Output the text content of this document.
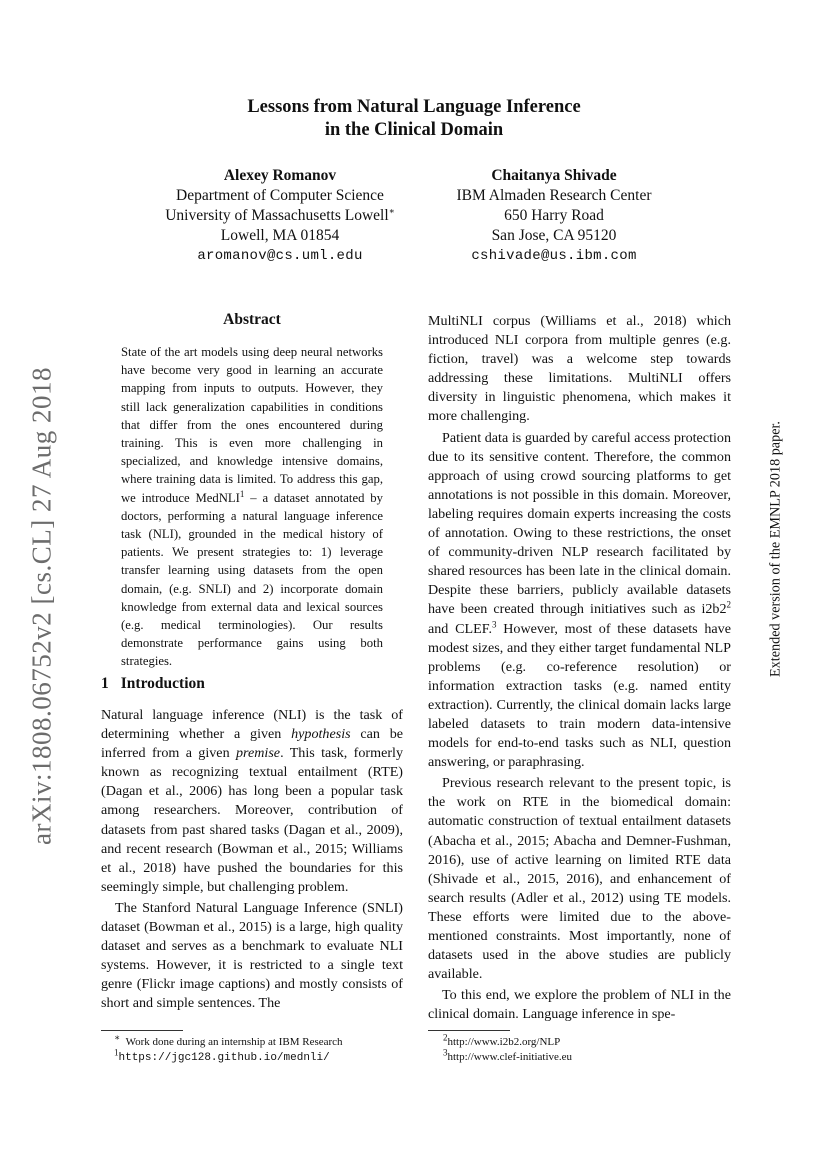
arXiv:1808.06752v2 [cs.CL] 27 Aug 2018	Extended version of the EMNLP 2018 paper.
Lessons from Natural Language Inference
in the Clinical Domain
Alexey Romanov
Department of Computer Science
University of Massachusetts Lowell∗
Lowell, MA 01854
aromanov@cs.uml.edu
Chaitanya Shivade
IBM Almaden Research Center
650 Harry Road
San Jose, CA 95120
cshivade@us.ibm.com
Abstract
State of the art models using deep neural networks have become very good in learning an accurate mapping from inputs to outputs. However, they still lack generalization capabilities in conditions that differ from the ones encountered during training. This is even more challenging in specialized, and knowledge intensive domains, where training data is limited. To address this gap, we introduce MedNLI$^1$ – a dataset annotated by doctors, performing a natural language inference task (NLI), grounded in the medical history of patients. We present strategies to: 1) leverage transfer learning using datasets from the open domain, (e.g. SNLI) and 2) incorporate domain knowledge from external data and lexical sources (e.g. medical terminologies). Our results demonstrate performance gains using both strategies.
1 Introduction

Natural language inference (NLI) is the task of determining whether a given hypothesis can be inferred from a given premise. This task, formerly known as recognizing textual entailment (RTE) (Dagan et al., 2006) has long been a popular task among researchers. Moreover, contribution of datasets from past shared tasks (Dagan et al., 2009), and recent research (Bowman et al., 2015; Williams et al., 2018) have pushed the boundaries for this seemingly simple, but challenging problem.

The Stanford Natural Language Inference (SNLI) dataset (Bowman et al., 2015) is a large, high quality dataset and serves as a benchmark to evaluate NLI systems. However, it is restricted to a single text genre (Flickr image captions) and mostly consists of short and simple sentences. The

MultiNLI corpus (Williams et al., 2018) which introduced NLI corpora from multiple genres (e.g. fiction, travel) was a welcome step towards addressing these limitations. MultiNLI offers diversity in linguistic phenomena, which makes it more challenging.

Patient data is guarded by careful access protection due to its sensitive content. Therefore, the common approach of using crowd sourcing platforms to get annotations is not possible in this domain. Moreover, labeling requires domain experts increasing the costs of annotation. Owing to these restrictions, the onset of community-driven NLP research facilitated by shared resources has been late in the clinical domain. Despite these barriers, publicly available datasets have been created through initiatives such as $i2b2^2$ and CLEF.$^3$ However, most of these datasets have modest sizes, and they either target fundamental NLP problems (e.g. co-reference resolution) or information extraction tasks (e.g. named entity extraction). Currently, the clinical domain lacks large labeled datasets to train modern data-intensive models for end-to-end tasks such as NLI, question answering, or paraphrasing.

Previous research relevant to the present topic, is the work on RTE in the biomedical domain: automatic construction of textual entailment datasets (Abacha et al., 2015; Abacha and Demner-Fushman, 2016), use of active learning on limited RTE data (Shivade et al., 2015, 2016), and enhancement of search results (Adler et al., 2012) using TE models. These efforts were limited due to the above-mentioned constraints. Most importantly, none of datasets used in the above studies are publicly available.

To this end, we explore the problem of NLI in the clinical domain. Language inference in spe-

∗ Work done during an internship at IBM Research
$^1$https://jgc128.github.io/mednli/
$^2$http://www.i2b2.org/NLP
$^3$http://www.clef-initiative.eu
